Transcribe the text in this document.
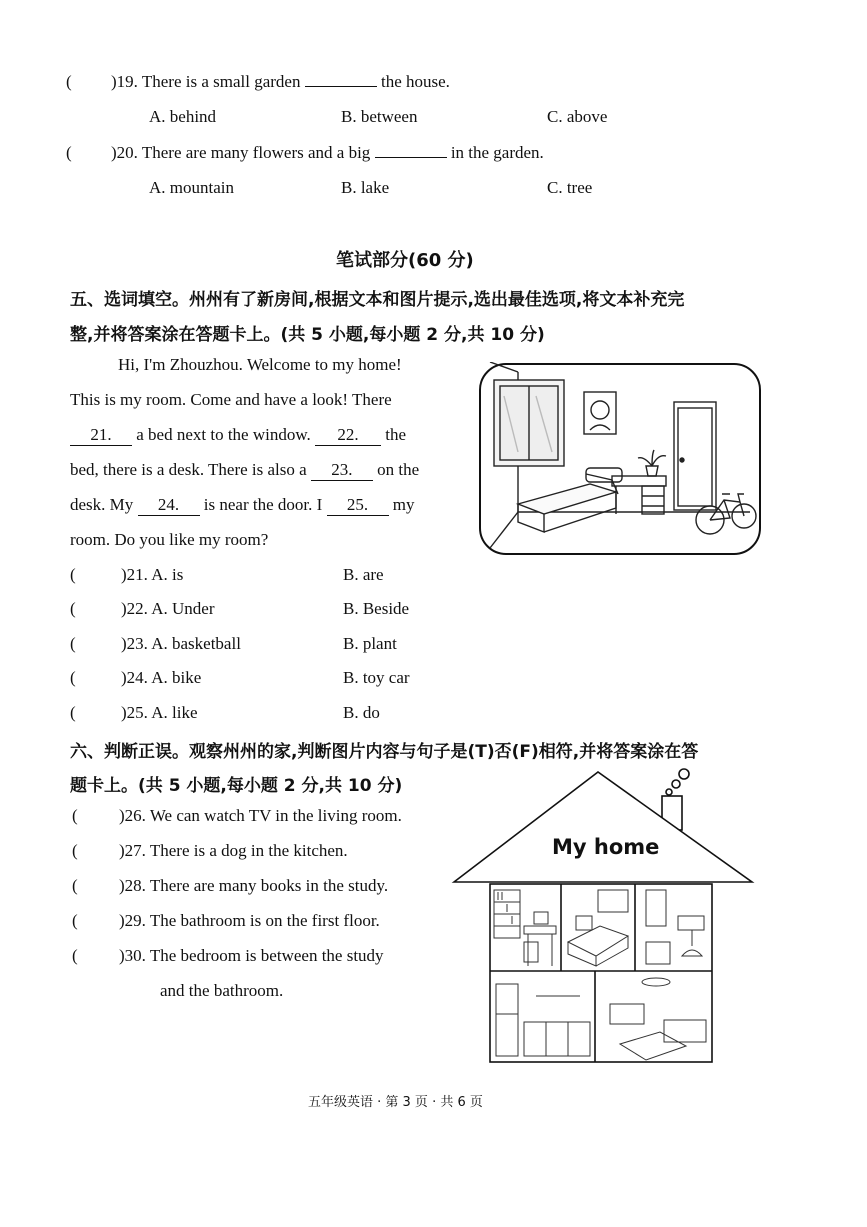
( )19. There is a small garden	the house.
A. behind	B. between	C. above
( )20. There are many flowers and a big	in the garden.
A. mountain	B. lake	C. tree
笔试部分(60 分)
五、选词填空。州州有了新房间,根据文本和图片提示,选出最佳选项,将文本补充完
整,并将答案涂在答题卡上。(共 5 小题,每小题 2 分,共 10 分)
Hi, I'm Zhouzhou. Welcome to my home!
This is my room. Come and have a look! There
21. a bed next to the window. 22. the
bed, there is a desk. There is also a 23. on the
desk. My 24. is near the door. I 25. my
room. Do you like my room?
(	)21. A. is	B. are
(	)22. A. Under	B. Beside
(	)23. A. basketball	B. plant
(	)24. A. bike	B. toy car
(	)25. A. like	B. do
六、判断正误。观察州州的家,判断图片内容与句子是(T)否(F)相符,并将答案涂在答
题卡上。(共 5 小题,每小题 2 分,共 10 分)
( )26. We can watch TV in the living room.
( )27. There is a dog in the kitchen.
( )28. There are many books in the study.
( )29. The bathroom is on the first floor.
( )30. The bedroom is between the study
and the bathroom.
My home
五年级英语 · 第 3 页 · 共 6 页
